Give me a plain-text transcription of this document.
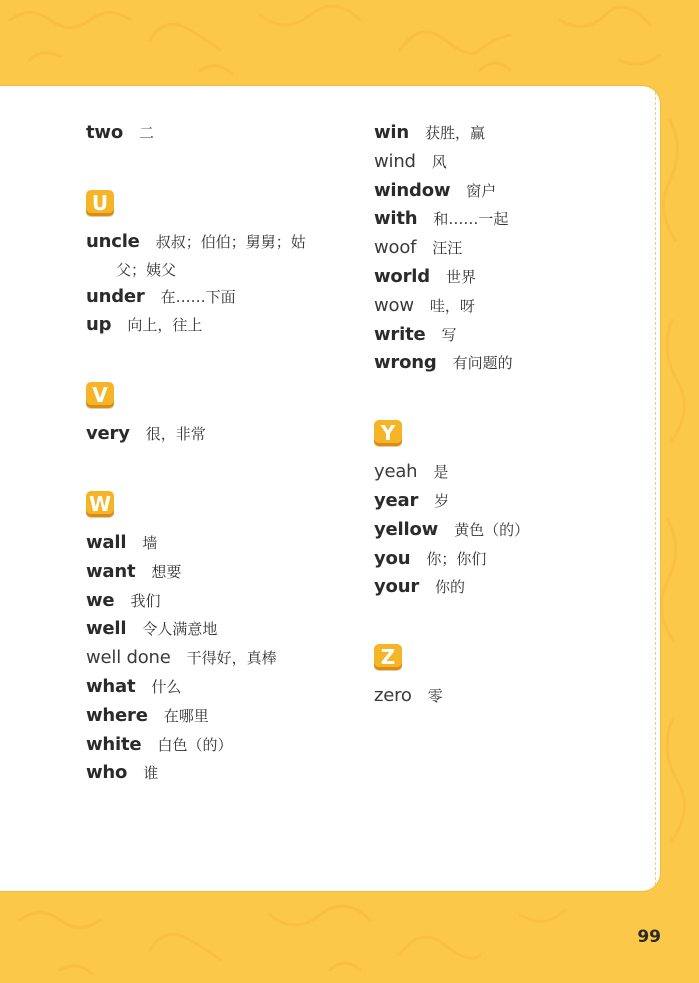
two 二
U
uncle 叔叔；伯伯；舅舅；姑
父；姨父
under 在……下面
up 向上，往上
V
very 很，非常
W
wall 墙
want 想要
we 我们
well 令人满意地
well done 干得好，真棒
what 什么
where 在哪里
white 白色（的）
who 谁
win 获胜，赢
wind 风
window 窗户
with 和……一起
woof 汪汪
world 世界
wow 哇，呀
write 写
wrong 有问题的
Y
yeah 是
year 岁
yellow 黄色（的）
you 你；你们
your 你的
Z
zero 零
99
